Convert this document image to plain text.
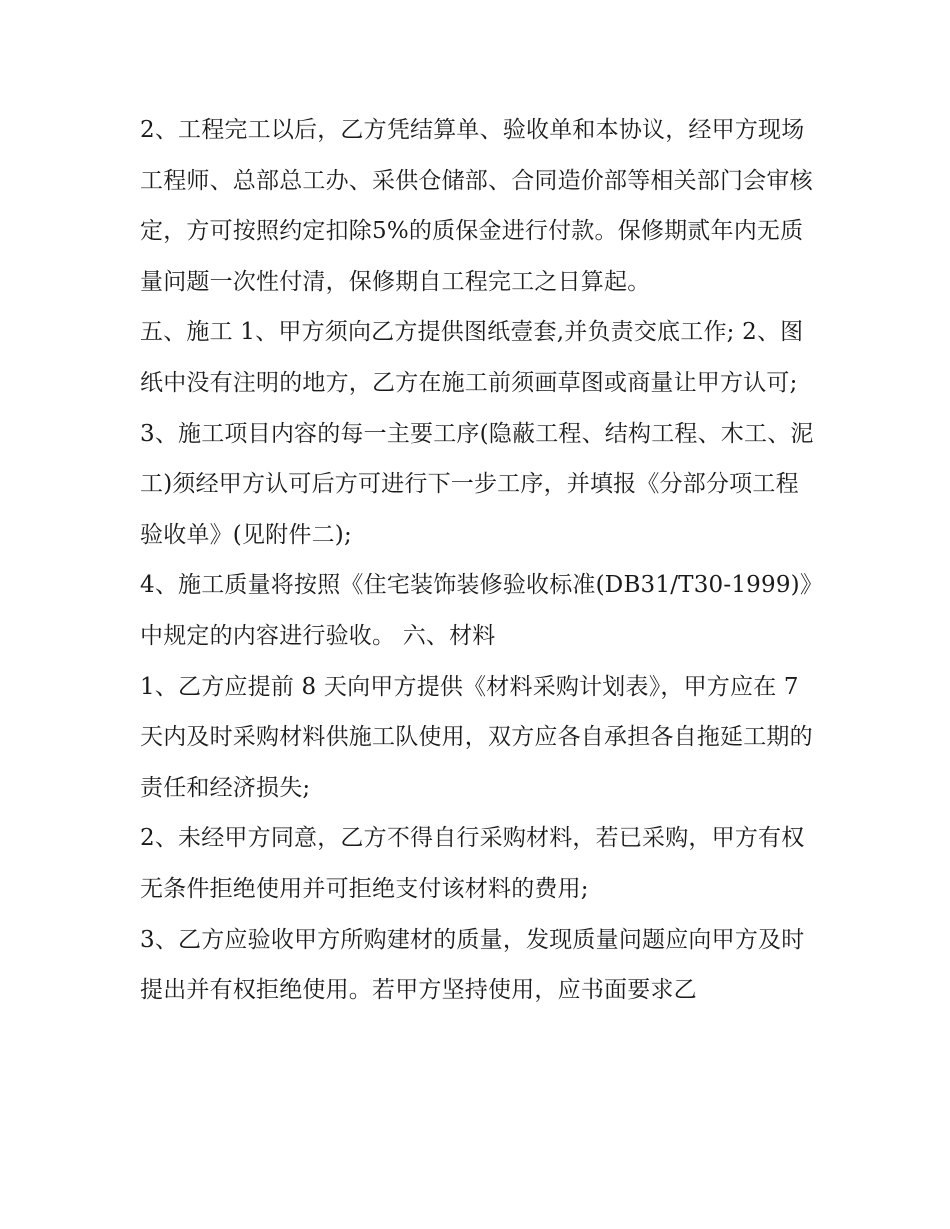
2、工程完工以后，乙方凭结算单、验收单和本协议，经甲方现场工程师、总部总工办、采供仓储部、合同造价部等相关部门会审核定，方可按照约定扣除5%的质保金进行付款。保修期贰年内无质量问题一次性付清，保修期自工程完工之日算起。

五、施工 1、甲方须向乙方提供图纸壹套,并负责交底工作; 2、图纸中没有注明的地方，乙方在施工前须画草图或商量让甲方认可;

3、施工项目内容的每一主要工序(隐蔽工程、结构工程、木工、泥工)须经甲方认可后方可进行下一步工序，并填报《分部分项工程验收单》(见附件二);

4、施工质量将按照《住宅装饰装修验收标准(DB31/T30-1999)》中规定的内容进行验收。 六、材料

1、乙方应提前 8 天向甲方提供《材料采购计划表》，甲方应在 7 天内及时采购材料供施工队使用，双方应各自承担各自拖延工期的责任和经济损失;

2、未经甲方同意，乙方不得自行采购材料，若已采购，甲方有权无条件拒绝使用并可拒绝支付该材料的费用;

3、乙方应验收甲方所购建材的质量，发现质量问题应向甲方及时提出并有权拒绝使用。若甲方坚持使用，应书面要求乙
